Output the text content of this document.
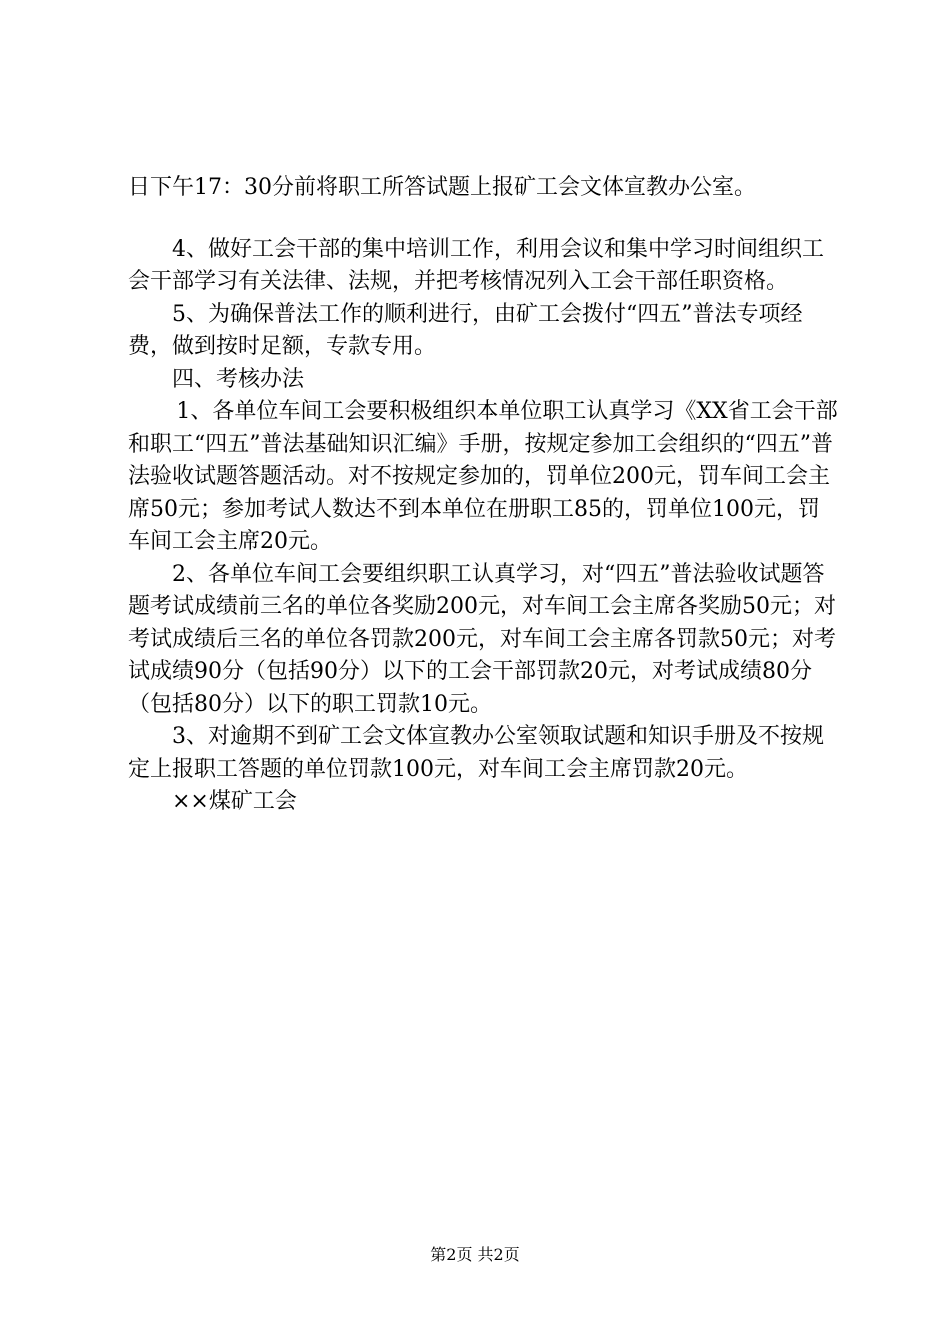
日下午17：30分前将职工所答试题上报矿工会文体宣教办公室。

4、做好工会干部的集中培训工作，利用会议和集中学习时间组织工会干部学习有关法律、法规，并把考核情况列入工会干部任职资格。

5、为确保普法工作的顺利进行，由矿工会拨付“四五”普法专项经费，做到按时足额，专款专用。

四、考核办法

1、各单位车间工会要积极组织本单位职工认真学习《XX省工会干部和职工“四五”普法基础知识汇编》手册，按规定参加工会组织的“四五”普法验收试题答题活动。对不按规定参加的，罚单位200元，罚车间工会主席50元；参加考试人数达不到本单位在册职工85的，罚单位100元，罚车间工会主席20元。

2、各单位车间工会要组织职工认真学习，对“四五”普法验收试题答题考试成绩前三名的单位各奖励200元，对车间工会主席各奖励50元；对考试成绩后三名的单位各罚款200元，对车间工会主席各罚款50元；对考试成绩90分（包括90分）以下的工会干部罚款20元，对考试成绩80分（包括80分）以下的职工罚款10元。

3、对逾期不到矿工会文体宣教办公室领取试题和知识手册及不按规定上报职工答题的单位罚款100元，对车间工会主席罚款20元。

××煤矿工会

第2页 共2页
